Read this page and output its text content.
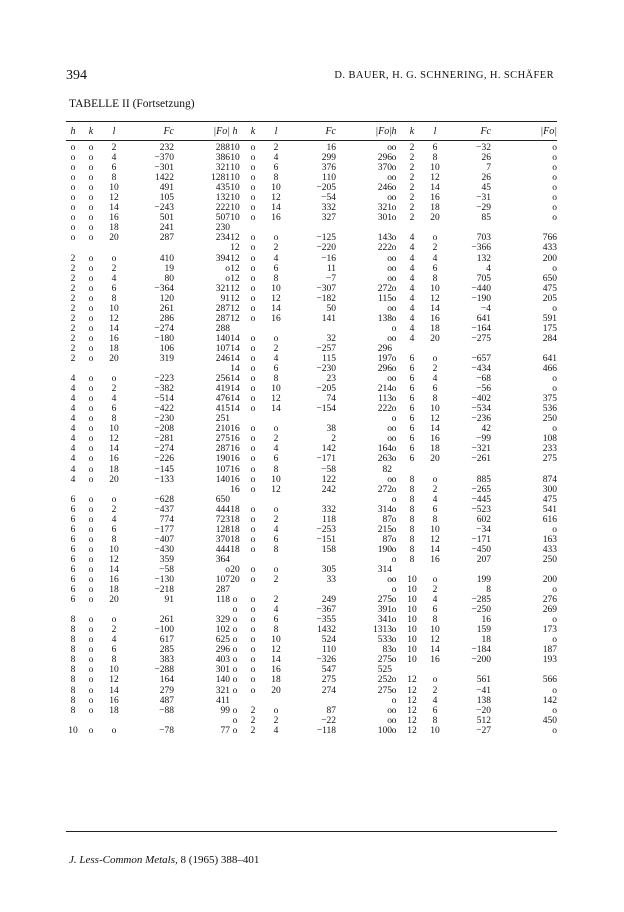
394	D. BAUER, H. G. SCHNERING, H. SCHÄFER
TABELLE II (Fortsetzung)
h	k	l	Fc	|Fo|
o	o	2	232	288
o	o	4	−370	386
o	o	6	−301	321
o	o	8	1422	1281
o	o	10	491	435
o	o	12	105	132
o	o	14	−243	222
o	o	16	501	507
o	o	18	241	230
o	o	20	287	234
2	o	o	410	394
2	o	2	19	o
2	o	4	80	o
2	o	6	−364	321
2	o	8	120	91
2	o	10	261	287
2	o	12	286	287
2	o	14	−274	288
2	o	16	−180	140
2	o	18	106	107
2	o	20	319	246
4	o	o	−223	256
4	o	2	−382	419
4	o	4	−514	476
4	o	6	−422	415
4	o	8	−230	251
4	o	10	−208	210
4	o	12	−281	275
4	o	14	−274	287
4	o	16	−226	190
4	o	18	−145	107
4	o	20	−133	140
6	o	o	−628	650
6	o	2	−437	444
6	o	4	774	723
6	o	6	−177	128
6	o	8	−407	370
6	o	10	−430	444
6	o	12	359	364
6	o	14	−58	o
6	o	16	−130	107
6	o	18	−218	287
6	o	20	91	118
8	o	o	261	329
8	o	2	−100	102
8	o	4	617	625
8	o	6	285	296
8	o	8	383	403
8	o	10	−288	301
8	o	12	164	140
8	o	14	279	321
8	o	16	487	411
8	o	18	−88	99
10	o	o	−78	77
h	k	l	Fc	|Fo|
10	o	2	16	o
10	o	4	299	296
10	o	6	376	370
10	o	8	110	o
10	o	10	−205	246
10	o	12	−54	o
10	o	14	332	321
10	o	16	327	301
12	o	o	−125	143
12	o	2	−220	222
12	o	4	−16	o
12	o	6	11	o
12	o	8	−7	o
12	o	10	−307	272
12	o	12	−182	115
12	o	14	50	o
12	o	16	141	138
14	o	o	32	o
14	o	2	−257	296
14	o	4	115	197
14	o	6	−230	296
14	o	8	23	o
14	o	10	−205	214
14	o	12	74	113
14	o	14	−154	222
16	o	o	38	o
16	o	2	2	o
16	o	4	142	164
16	o	6	−171	263
16	o	8	−58	82
16	o	10	122	o
16	o	12	242	272
18	o	o	332	314
18	o	2	118	87
18	o	4	−253	215
18	o	6	−151	87
18	o	8	158	190
20	o	o	305	314
20	o	2	33	o
o	o	2	249	275
o	o	4	−367	391
o	o	6	−355	341
o	o	8	1432	1313
o	o	10	524	533
o	o	12	110	83
o	o	14	−326	275
o	o	16	547	525
o	o	18	275	252
o	o	20	274	275
o	2	o	87	o
o	2	2	−22	o
o	2	4	−118	100
h	k	l	Fc	|Fo|
o	2	6	−32	o
o	2	8	26	o
o	2	10	7	o
o	2	12	26	o
o	2	14	45	o
o	2	16	−31	o
o	2	18	−29	o
o	2	20	85	o
o	4	o	703	766
o	4	2	−366	433
o	4	4	132	200
o	4	6	4	o
o	4	8	705	650
o	4	10	−440	475
o	4	12	−190	205
o	4	14	−4	o
o	4	16	641	591
o	4	18	−164	175
o	4	20	−275	284
o	6	o	−657	641
o	6	2	−434	466
o	6	4	−68	o
o	6	6	−56	o
o	6	8	−402	375
o	6	10	−534	536
o	6	12	−236	250
o	6	14	42	o
o	6	16	−99	108
o	6	18	−321	233
o	6	20	−261	275
o	8	o	885	874
o	8	2	−265	300
o	8	4	−445	475
o	8	6	−523	541
o	8	8	602	616
o	8	10	−34	o
o	8	12	−171	163
o	8	14	−450	433
o	8	16	207	250
o	10	o	199	200
o	10	2	8	o
o	10	4	−285	276
o	10	6	−250	269
o	10	8	16	o
o	10	10	159	173
o	10	12	18	o
o	10	14	−184	187
o	10	16	−200	193
o	12	o	561	566
o	12	2	−41	o
o	12	4	138	142
o	12	6	−20	o
o	12	8	512	450
o	12	10	−27	o
J. Less-Common Metals, 8 (1965) 388–401
